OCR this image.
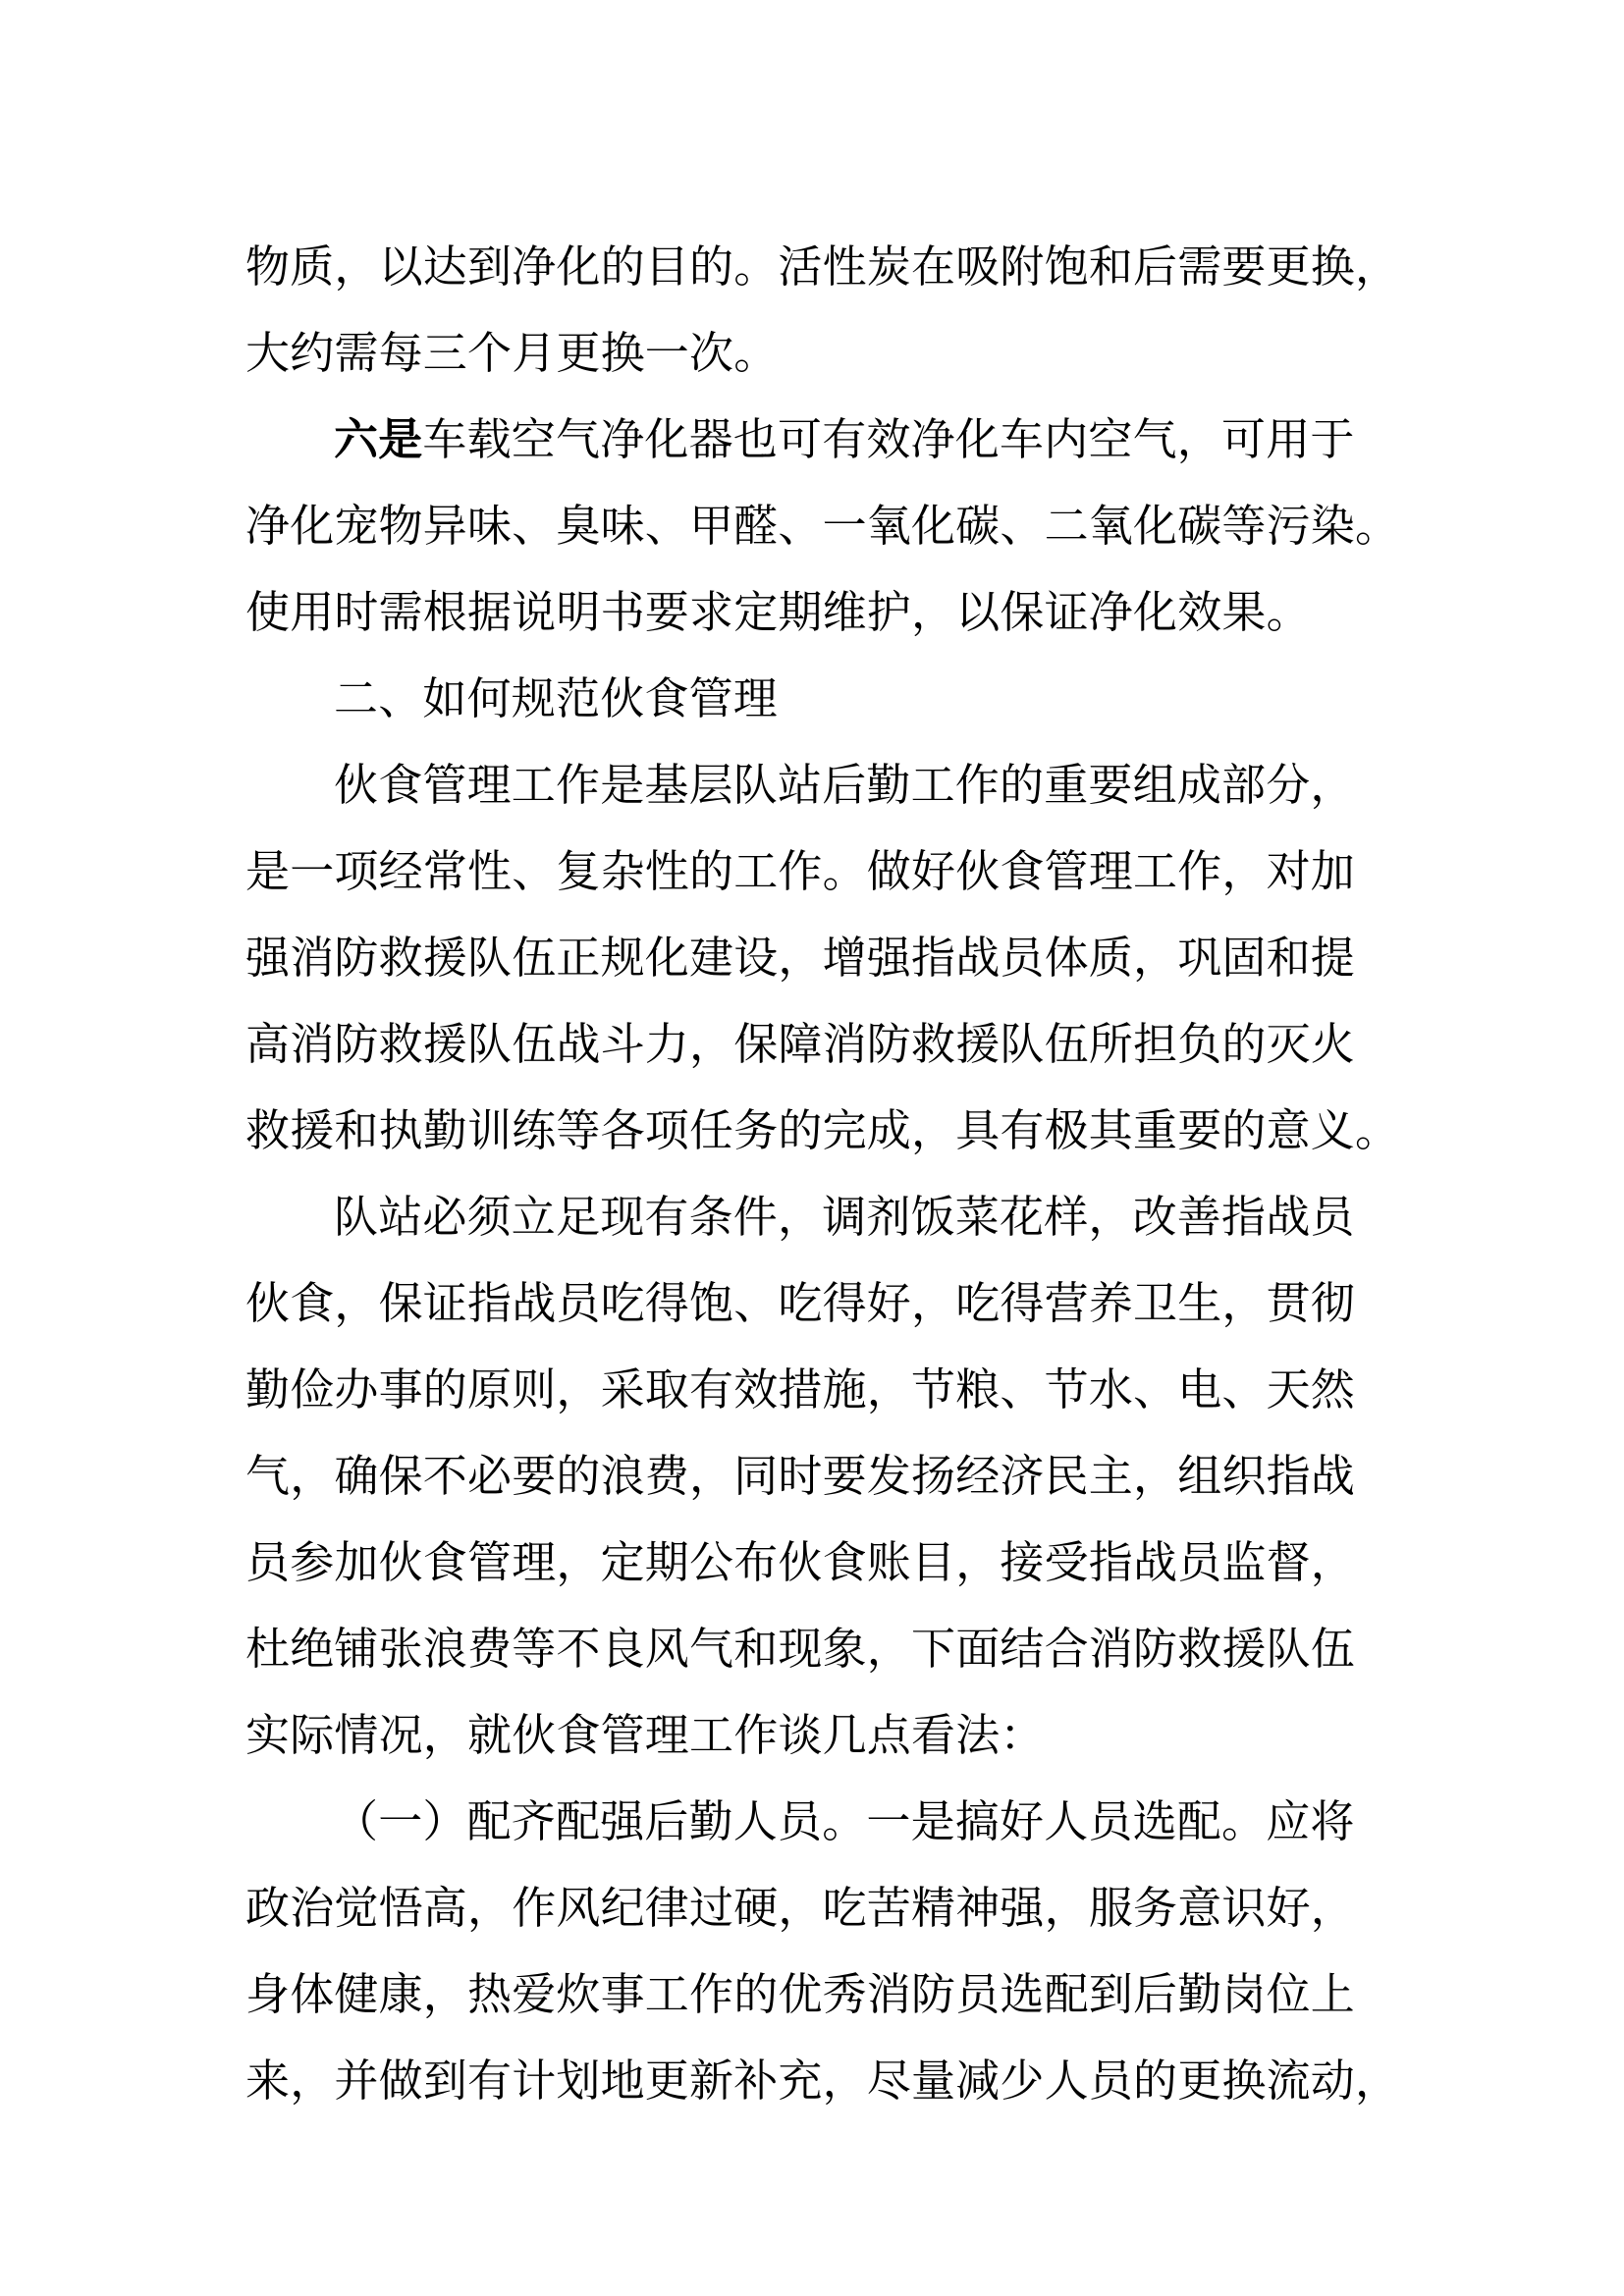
物质，以达到净化的目的。活性炭在吸附饱和后需要更换，
大约需每三个月更换一次。
六是车载空气净化器也可有效净化车内空气，可用于
净化宠物异味、臭味、甲醛、一氧化碳、二氧化碳等污染。
使用时需根据说明书要求定期维护，以保证净化效果。
二、如何规范伙食管理
伙食管理工作是基层队站后勤工作的重要组成部分，
是一项经常性、复杂性的工作。做好伙食管理工作，对加
强消防救援队伍正规化建设，增强指战员体质，巩固和提
高消防救援队伍战斗力，保障消防救援队伍所担负的灭火
救援和执勤训练等各项任务的完成，具有极其重要的意义。
队站必须立足现有条件，调剂饭菜花样，改善指战员
伙食，保证指战员吃得饱、吃得好，吃得营养卫生，贯彻
勤俭办事的原则，采取有效措施，节粮、节水、电、天然
气，确保不必要的浪费，同时要发扬经济民主，组织指战
员参加伙食管理，定期公布伙食账目，接受指战员监督，
杜绝铺张浪费等不良风气和现象，下面结合消防救援队伍
实际情况，就伙食管理工作谈几点看法：
（一）配齐配强后勤人员。一是搞好人员选配。应将
政治觉悟高，作风纪律过硬，吃苦精神强，服务意识好，
身体健康，热爱炊事工作的优秀消防员选配到后勤岗位上
来，并做到有计划地更新补充，尽量减少人员的更换流动，
